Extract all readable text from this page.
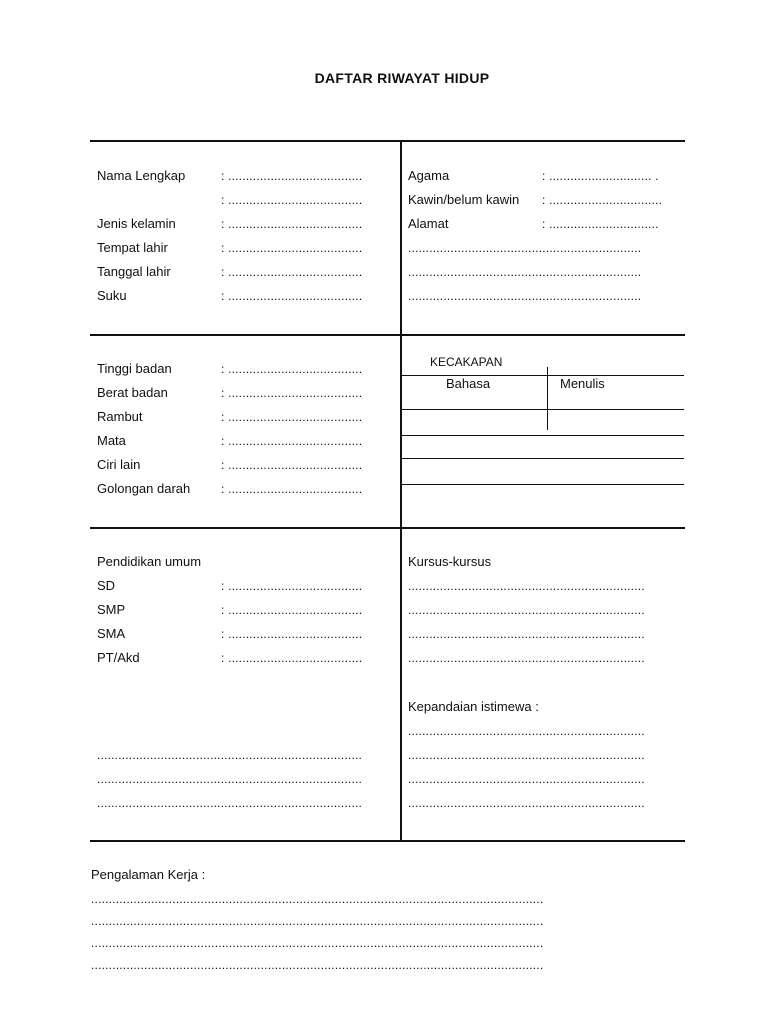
DAFTAR RIWAYAT HIDUP
Nama Lengkap	: ......................................
: ......................................
Jenis kelamin	: ......................................
Tempat lahir	: ......................................
Tanggal lahir	: ......................................
Suku	: ......................................
Agama	: ............................. .
Kawin/belum kawin : ................................
Alamat	: ...............................
..................................................................
..................................................................
..................................................................
Tinggi badan	: ......................................
Berat badan	: ......................................
Rambut	: ......................................
Mata	: ......................................
Ciri lain	: ......................................
Golongan darah	: ......................................
KECAKAPAN
Bahasa	Menulis
Pendidikan umum
SD	: ......................................
SMP	: ......................................
SMA	: ......................................
PT/Akd	: ......................................
...........................................................................
...........................................................................
...........................................................................
Kursus-kursus
...................................................................
...................................................................
...................................................................
...................................................................
Kepandaian istimewa :
...................................................................
...................................................................
...................................................................
...................................................................
Pengalaman Kerja :
................................................................................................................................
................................................................................................................................
................................................................................................................................
................................................................................................................................
